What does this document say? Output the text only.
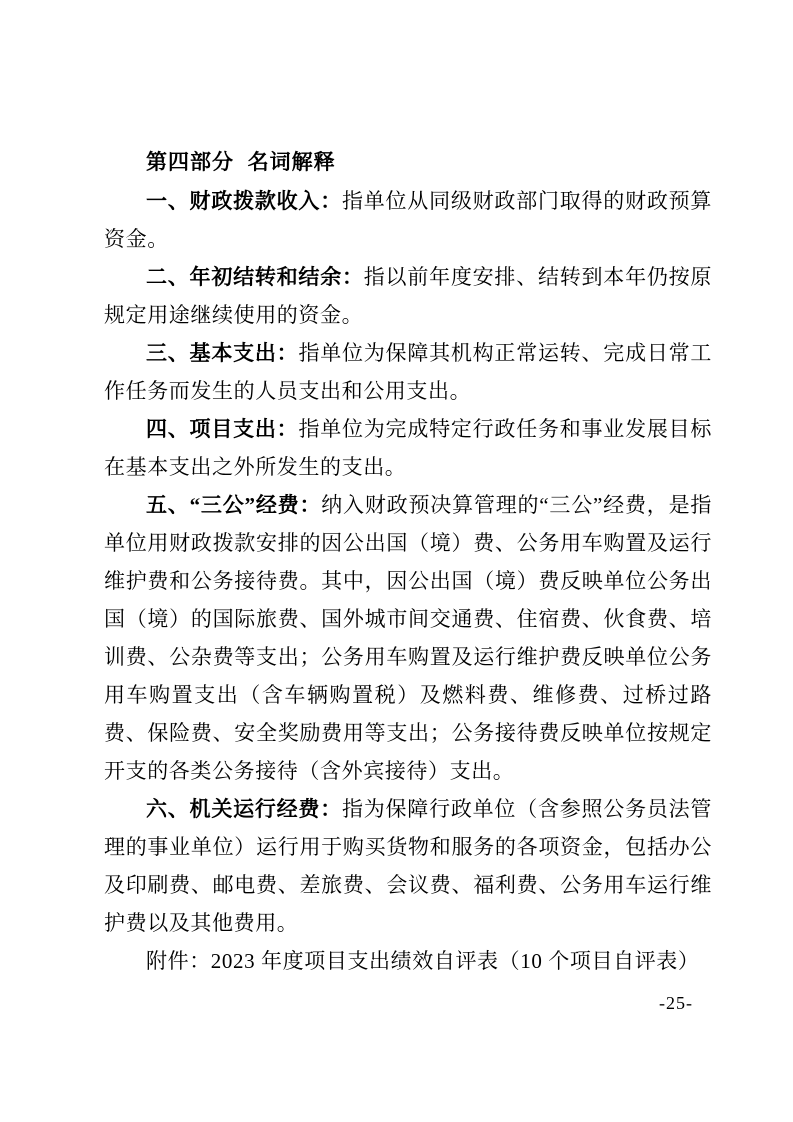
第四部分  名词解释

一、财政拨款收入：指单位从同级财政部门取得的财政预算资金。

二、年初结转和结余：指以前年度安排、结转到本年仍按原规定用途继续使用的资金。

三、基本支出：指单位为保障其机构正常运转、完成日常工作任务而发生的人员支出和公用支出。

四、项目支出：指单位为完成特定行政任务和事业发展目标在基本支出之外所发生的支出。

五、“三公”经费：纳入财政预决算管理的“三公”经费，是指单位用财政拨款安排的因公出国（境）费、公务用车购置及运行维护费和公务接待费。其中，因公出国（境）费反映单位公务出国（境）的国际旅费、国外城市间交通费、住宿费、伙食费、培训费、公杂费等支出；公务用车购置及运行维护费反映单位公务用车购置支出（含车辆购置税）及燃料费、维修费、过桥过路费、保险费、安全奖励费用等支出；公务接待费反映单位按规定开支的各类公务接待（含外宾接待）支出。

六、机关运行经费：指为保障行政单位（含参照公务员法管理的事业单位）运行用于购买货物和服务的各项资金，包括办公及印刷费、邮电费、差旅费、会议费、福利费、公务用车运行维护费以及其他费用。

附件：2023 年度项目支出绩效自评表（10 个项目自评表）

-25-
